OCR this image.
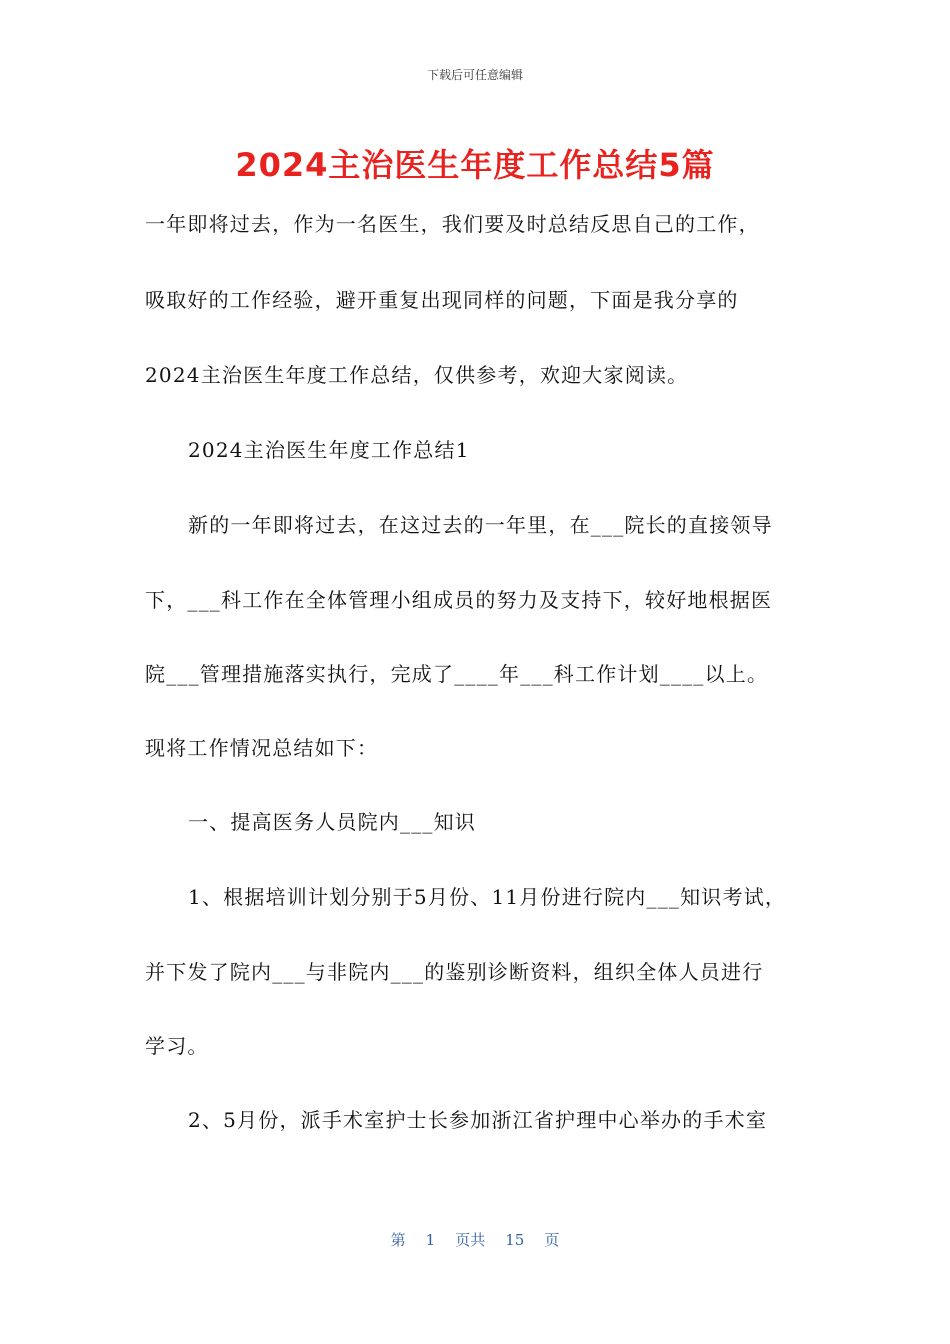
下载后可任意编辑
2024主治医生年度工作总结5篇
一年即将过去，作为一名医生，我们要及时总结反思自己的工作，
吸取好的工作经验，避开重复出现同样的问题，下面是我分享的
2024主治医生年度工作总结，仅供参考，欢迎大家阅读。
2024主治医生年度工作总结1
新的一年即将过去，在这过去的一年里，在___院长的直接领导
下，___科工作在全体管理小组成员的努力及支持下，较好地根据医
院___管理措施落实执行，完成了____年___科工作计划____以上。
现将工作情况总结如下：
一、提高医务人员院内___知识
1、根据培训计划分别于5月份、11月份进行院内___知识考试，
并下发了院内___与非院内___的鉴别诊断资料，组织全体人员进行
学习。
2、5月份，派手术室护士长参加浙江省护理中心举办的手术室
第 1 页共 15 页
